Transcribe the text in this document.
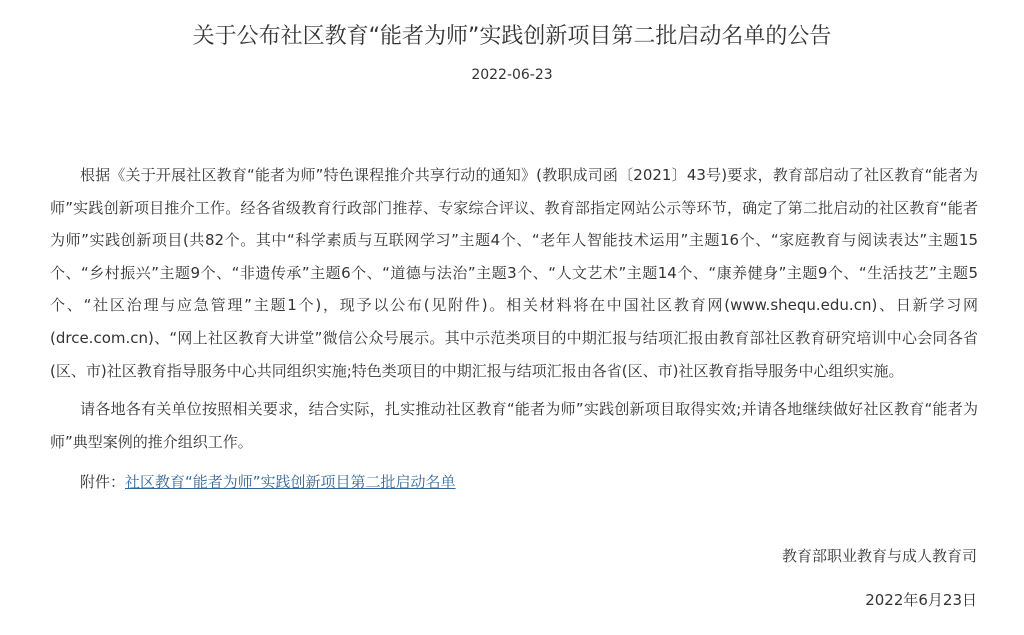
关于公布社区教育“能者为师”实践创新项目第二批启动名单的公告
2022-06-23

根据《关于开展社区教育“能者为师”特色课程推介共享行动的通知》(教职成司函〔2021〕43号)要求，教育部启动了社区教育“能者为师”实践创新项目推介工作。经各省级教育行政部门推荐、专家综合评议、教育部指定网站公示等环节，确定了第二批启动的社区教育“能者为师”实践创新项目(共82个。其中“科学素质与互联网学习”主题4个、“老年人智能技术运用”主题16个、“家庭教育与阅读表达”主题15个、“乡村振兴”主题9个、“非遗传承”主题6个、“道德与法治”主题3个、“人文艺术”主题14个、“康养健身”主题9个、“生活技艺”主题5个、“社区治理与应急管理”主题1个)，现予以公布(见附件)。相关材料将在中国社区教育网(www.shequ.edu.cn)、日新学习网(drce.com.cn)、“网上社区教育大讲堂”微信公众号展示。其中示范类项目的中期汇报与结项汇报由教育部社区教育研究培训中心会同各省(区、市)社区教育指导服务中心共同组织实施;特色类项目的中期汇报与结项汇报由各省(区、市)社区教育指导服务中心组织实施。

请各地各有关单位按照相关要求，结合实际，扎实推动社区教育“能者为师”实践创新项目取得实效;并请各地继续做好社区教育“能者为师”典型案例的推介组织工作。

附件：社区教育“能者为师”实践创新项目第二批启动名单

教育部职业教育与成人教育司
2022年6月23日
